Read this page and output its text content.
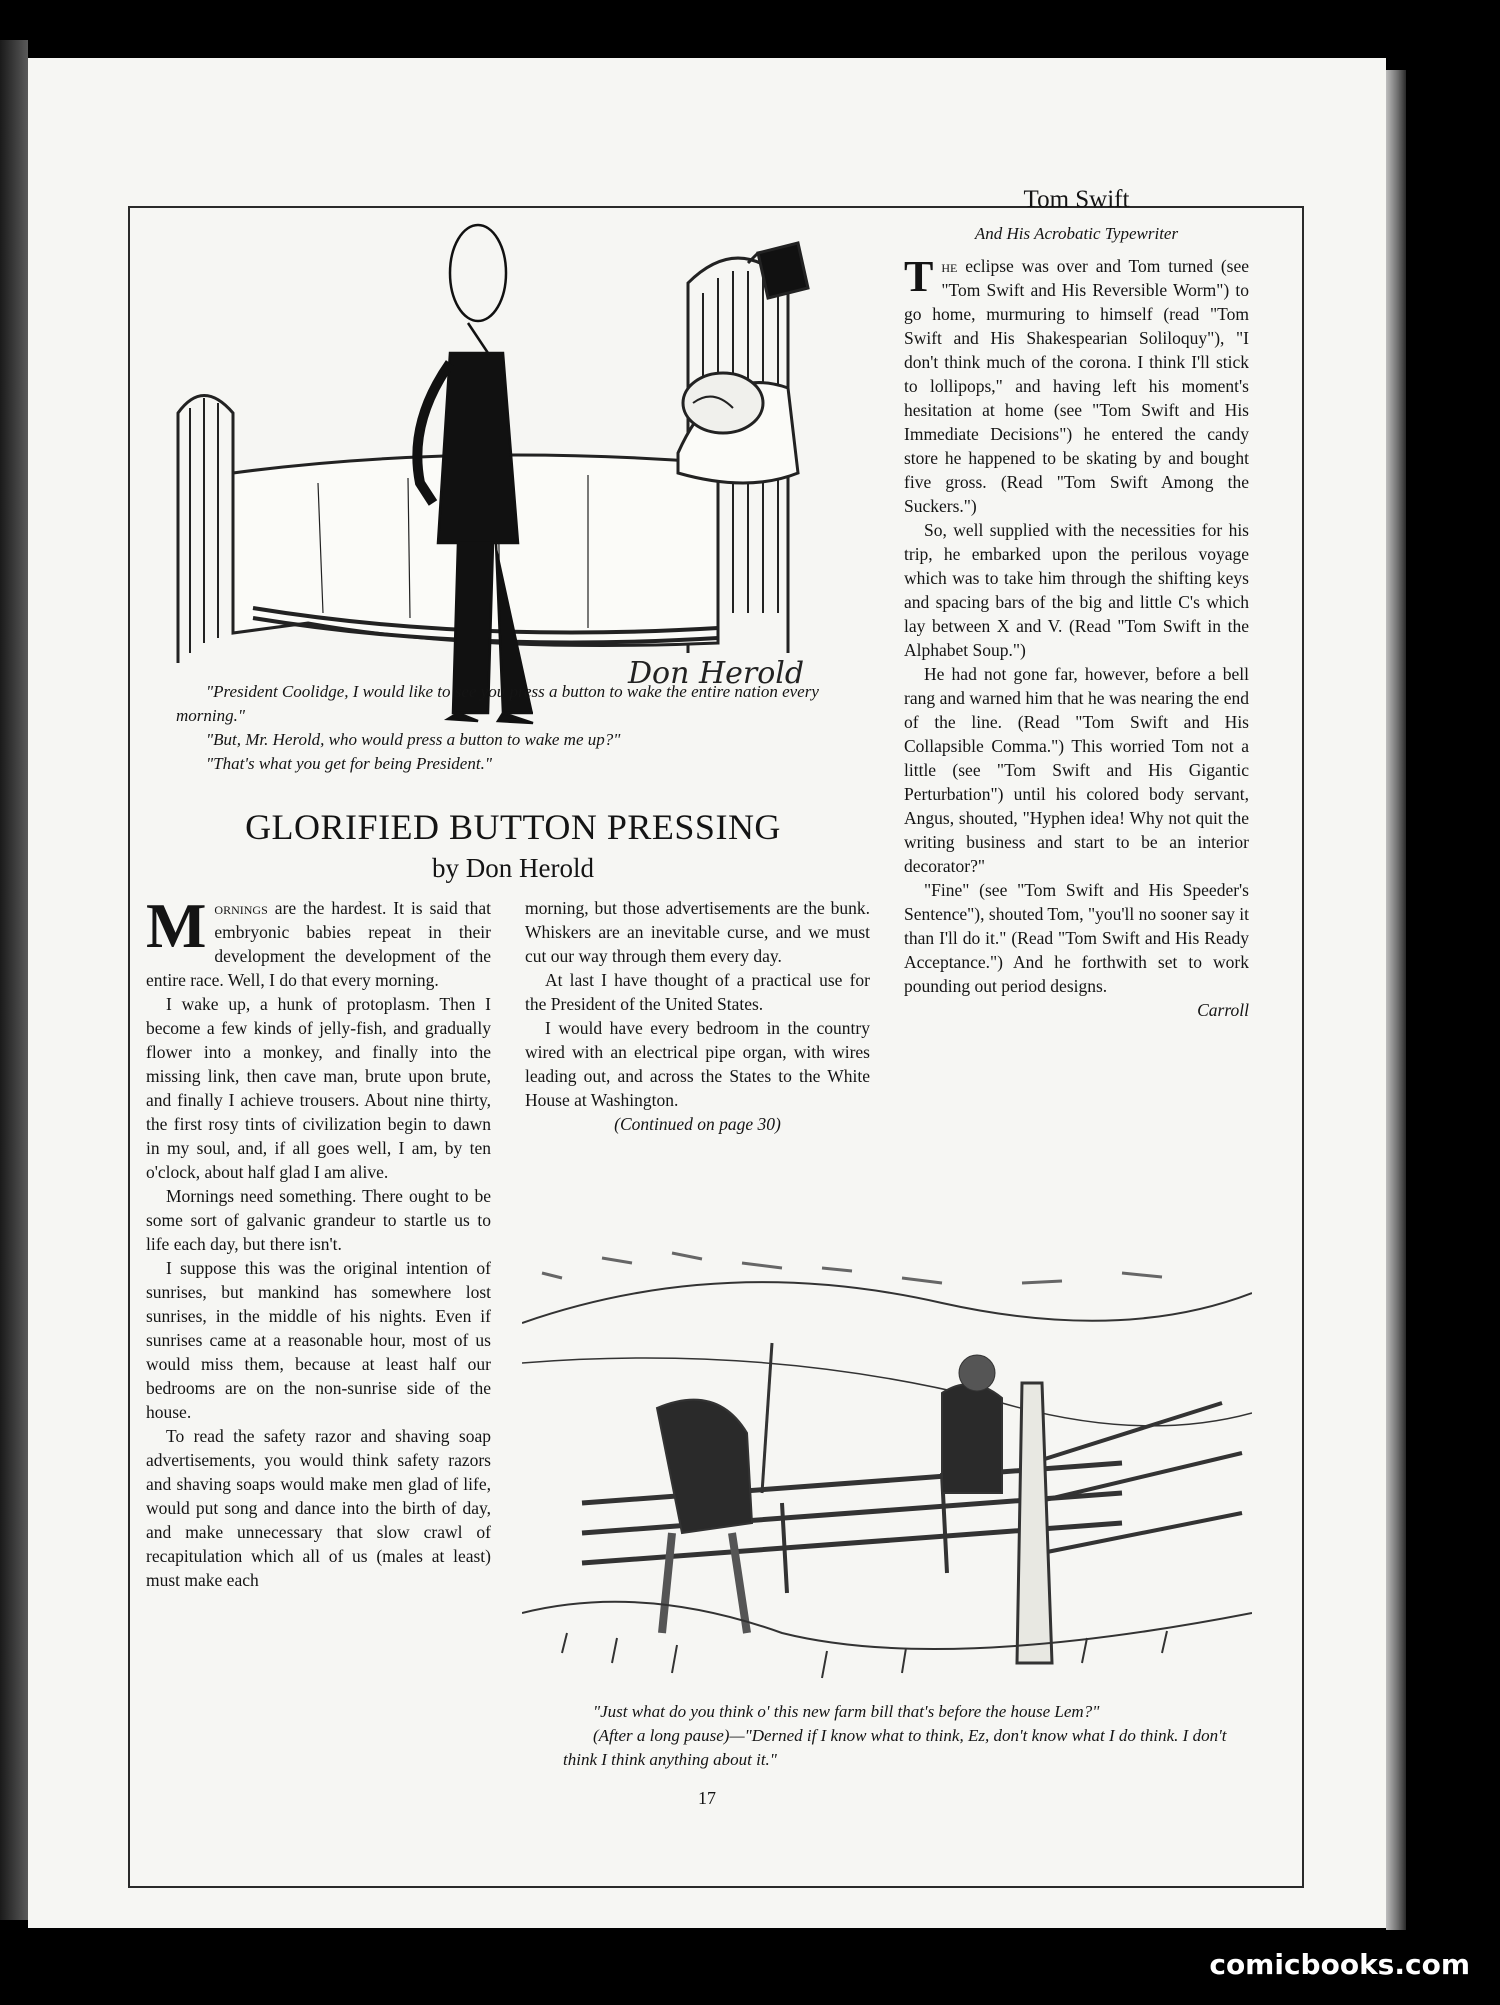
Don Herold

"President Coolidge, I would like to see you press a button to wake the entire nation every morning."

"But, Mr. Herold, who would press a button to wake me up?"

"That's what you get for being President."

GLORIFIED BUTTON PRESSING
by Don Herold

Mornings are the hardest. It is said that embryonic babies repeat in their development the development of the entire race. Well, I do that every morning.

I wake up, a hunk of protoplasm. Then I become a few kinds of jelly-fish, and gradually flower into a monkey, and finally into the missing link, then cave man, brute upon brute, and finally I achieve trousers. About nine thirty, the first rosy tints of civilization begin to dawn in my soul, and, if all goes well, I am, by ten o'clock, about half glad I am alive.

Mornings need something. There ought to be some sort of galvanic grandeur to startle us to life each day, but there isn't.

I suppose this was the original intention of sunrises, but mankind has somewhere lost sunrises, in the middle of his nights. Even if sunrises came at a reasonable hour, most of us would miss them, because at least half our bedrooms are on the non-sunrise side of the house.

To read the safety razor and shaving soap advertisements, you would think safety razors and shaving soaps would make men glad of life, would put song and dance into the birth of day, and make unnecessary that slow crawl of recapitulation which all of us (males at least) must make each

morning, but those advertisements are the bunk. Whiskers are an inevitable curse, and we must cut our way through them every day.

At last I have thought of a practical use for the President of the United States.

I would have every bedroom in the country wired with an electrical pipe organ, with wires leading out, and across the States to the White House at Washington.

(Continued on page 30)

Tom Swift
And His Acrobatic Typewriter

The eclipse was over and Tom turned (see "Tom Swift and His Reversible Worm") to go home, murmuring to himself (read "Tom Swift and His Shakespearian Soliloquy"), "I don't think much of the corona. I think I'll stick to lollipops," and having left his moment's hesitation at home (see "Tom Swift and His Immediate Decisions") he entered the candy store he happened to be skating by and bought five gross. (Read "Tom Swift Among the Suckers.")

So, well supplied with the necessities for his trip, he embarked upon the perilous voyage which was to take him through the shifting keys and spacing bars of the big and little C's which lay between X and V. (Read "Tom Swift in the Alphabet Soup.")

He had not gone far, however, before a bell rang and warned him that he was nearing the end of the line. (Read "Tom Swift and His Collapsible Comma.") This worried Tom not a little (see "Tom Swift and His Gigantic Perturbation") until his colored body servant, Angus, shouted, "Hyphen idea! Why not quit the writing business and start to be an interior decorator?"

"Fine" (see "Tom Swift and His Speeder's Sentence"), shouted Tom, "you'll no sooner say it than I'll do it." (Read "Tom Swift and His Ready Acceptance.") And he forthwith set to work pounding out period designs.

Carroll

"Just what do you think o' this new farm bill that's before the house Lem?"

(After a long pause)—"Derned if I know what to think, Ez, don't know what I do think. I don't think I think anything about it."

17
comicbooks.com
